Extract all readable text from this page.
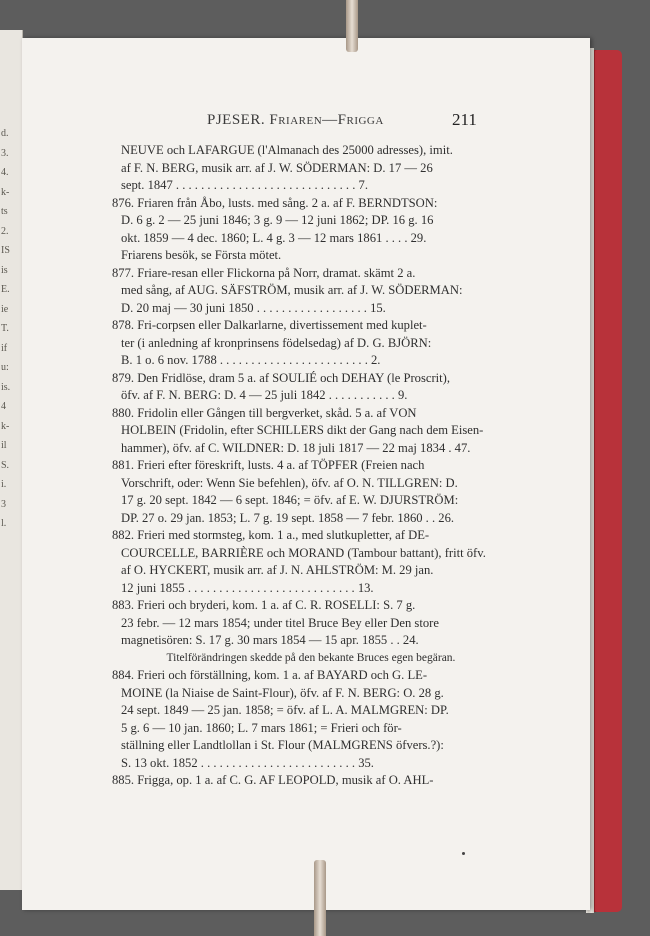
d.
3.
4.
k-
ts
2.
IS
is
E.
ie
T.
if
u:
is.
4
k-
il
S.
i.
3
l.
PJESER. Friaren—Frigga	211
NEUVE och LAFARGUE (l'Almanach des 25000 adresses), imit.
af F. N. BERG, musik arr. af J. W. SÖDERMAN: D. 17 — 26
sept. 1847 . . . . . . . . . . . . . . . . . . . . . . . . . . . . . 7.
876. Friaren från Åbo, lusts. med sång. 2 a. af F. BERNDTSON:
D. 6 g. 2 — 25 juni 1846; 3 g. 9 — 12 juni 1862; DP. 16 g. 16
okt. 1859 — 4 dec. 1860; L. 4 g. 3 — 12 mars 1861 . . . . 29.
Friarens besök, se Första mötet.
877. Friare-resan eller Flickorna på Norr, dramat. skämt 2 a.
med sång, af AUG. SÄFSTRÖM, musik arr. af J. W. SÖDERMAN:
D. 20 maj — 30 juni 1850 . . . . . . . . . . . . . . . . . . 15.
878. Fri-corpsen eller Dalkarlarne, divertissement med kuplet-
ter (i anledning af kronprinsens födelsedag) af D. G. BJÖRN:
B. 1 o. 6 nov. 1788 . . . . . . . . . . . . . . . . . . . . . . . . 2.
879. Den Fridlöse, dram 5 a. af SOULIÉ och DEHAY (le Proscrit),
öfv. af F. N. BERG: D. 4 — 25 juli 1842 . . . . . . . . . . . 9.
880. Fridolin eller Gången till bergverket, skåd. 5 a. af VON
HOLBEIN (Fridolin, efter SCHILLERS dikt der Gang nach dem Eisen-
hammer), öfv. af C. WILDNER: D. 18 juli 1817 — 22 maj 1834 . 47.
881. Frieri efter föreskrift, lusts. 4 a. af TÖPFER (Freien nach
Vorschrift, oder: Wenn Sie befehlen), öfv. af O. N. TILLGREN: D.
17 g. 20 sept. 1842 — 6 sept. 1846; = öfv. af E. W. DJURSTRÖM:
DP. 27 o. 29 jan. 1853; L. 7 g. 19 sept. 1858 — 7 febr. 1860 . . 26.
882. Frieri med stormsteg, kom. 1 a., med slutkupletter, af DE-
COURCELLE, BARRIÈRE och MORAND (Tambour battant), fritt öfv.
af O. HYCKERT, musik arr. af J. N. AHLSTRÖM: M. 29 jan.
12 juni 1855 . . . . . . . . . . . . . . . . . . . . . . . . . . . 13.
883. Frieri och bryderi, kom. 1 a. af C. R. ROSELLI: S. 7 g.
23 febr. — 12 mars 1854; under titel Bruce Bey eller Den store
magnetisören: S. 17 g. 30 mars 1854 — 15 apr. 1855 . . 24.
Titelförändringen skedde på den bekante Bruces egen begäran.
884. Frieri och förställning, kom. 1 a. af BAYARD och G. LE-
MOINE (la Niaise de Saint-Flour), öfv. af F. N. BERG: O. 28 g.
24 sept. 1849 — 25 jan. 1858; = öfv. af L. A. MALMGREN: DP.
5 g. 6 — 10 jan. 1860; L. 7 mars 1861; = Frieri och för-
ställning eller Landtlollan i St. Flour (MALMGRENS öfvers.?):
S. 13 okt. 1852 . . . . . . . . . . . . . . . . . . . . . . . . . 35.
885. Frigga, op. 1 a. af C. G. AF LEOPOLD, musik af O. AHL-
